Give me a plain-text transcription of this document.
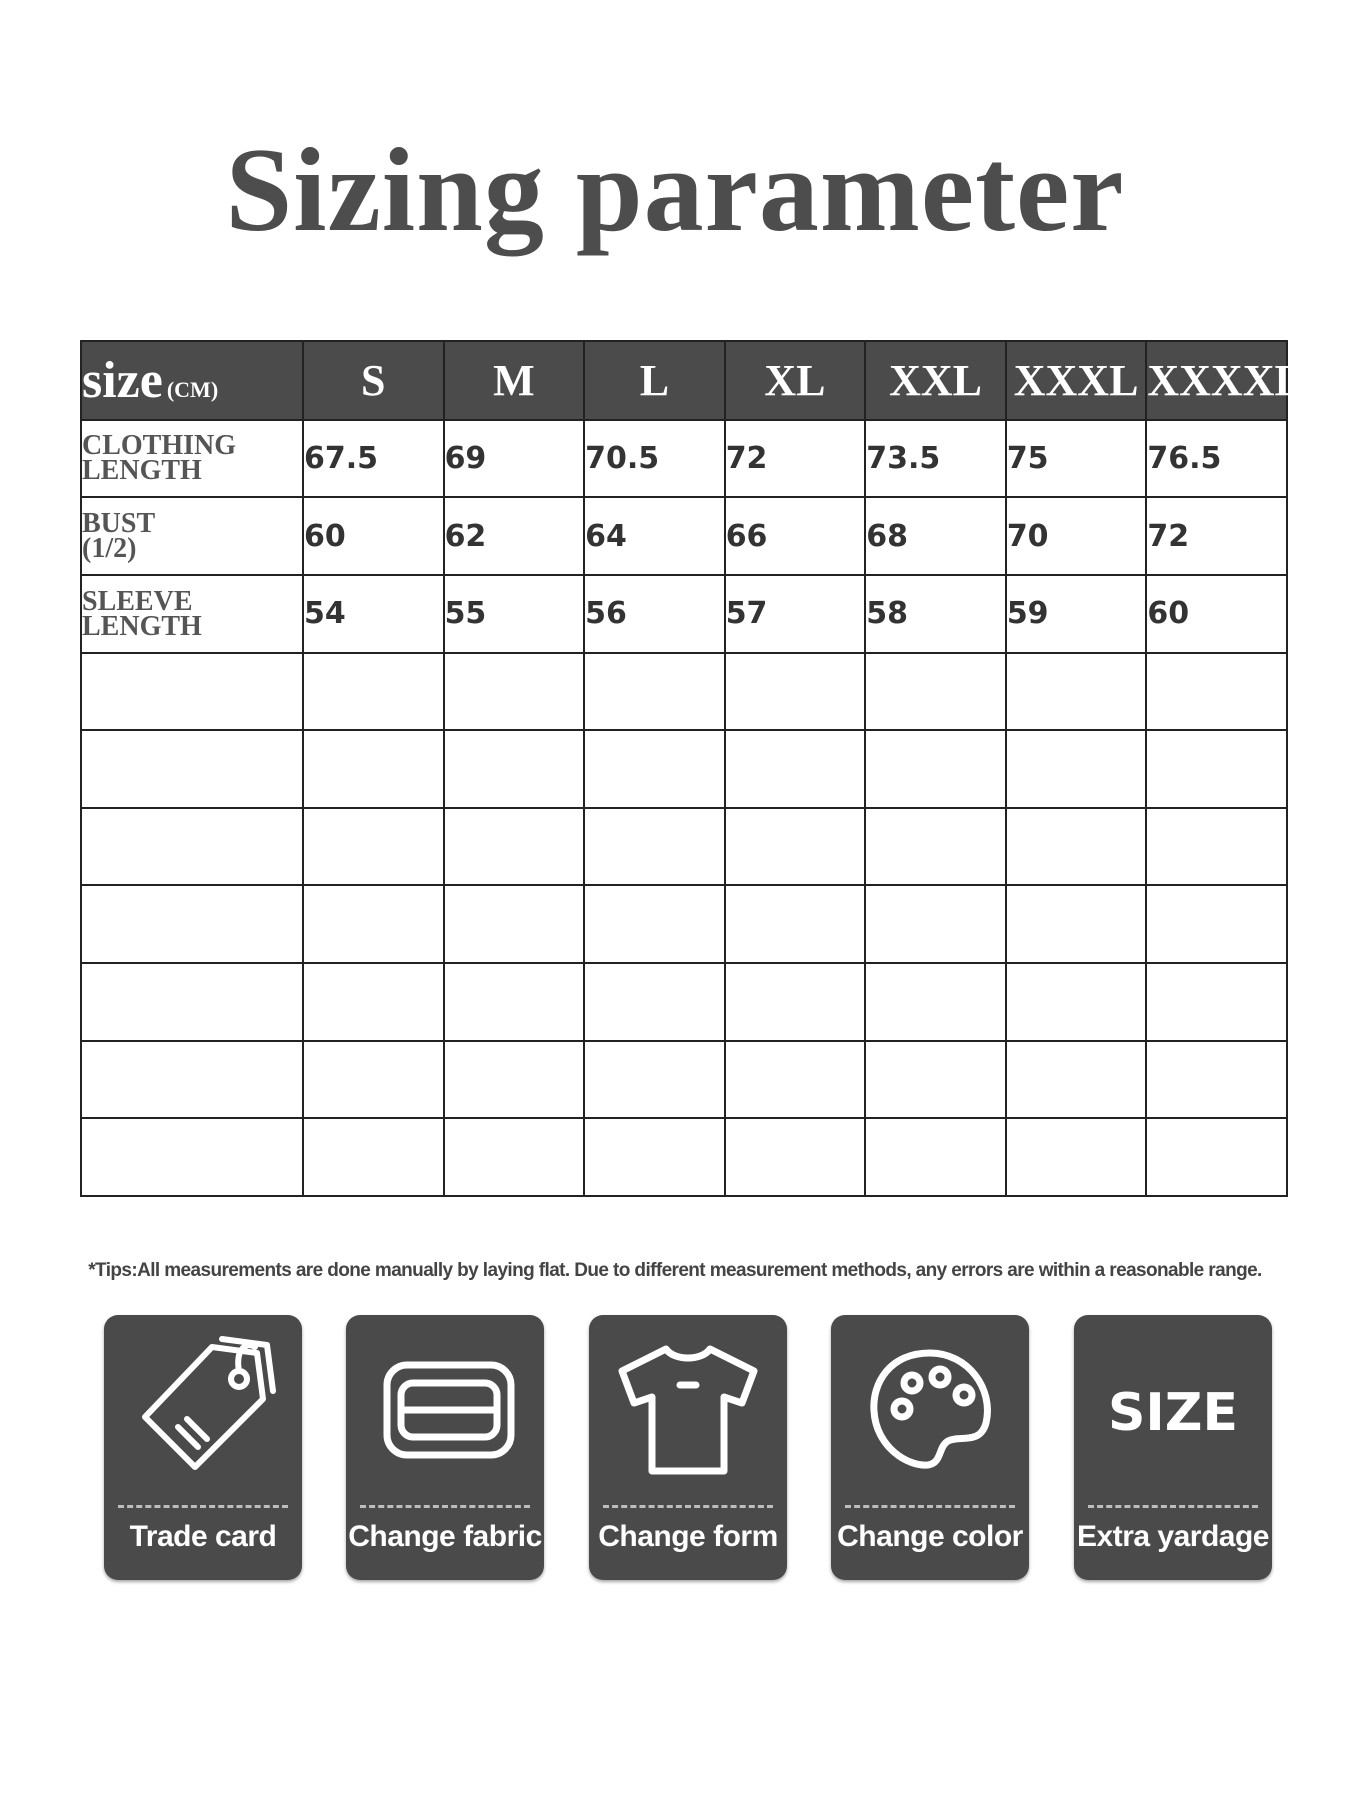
Sizing parameter
size (CM)	S	M	L	XL	XXL	XXXL	XXXXL
CLOTHING
LENGTH	67.5	69	70.5	72	73.5	75	76.5
BUST
(1/2)	60	62	64	66	68	70	72
SLEEVE
LENGTH	54	55	56	57	58	59	60

*Tips:All measurements are done manually by laying flat. Due to different measurement methods, any errors are within a reasonable range.
Trade card	Change fabric	Change form	Change color
SIZE
Extra yardage
